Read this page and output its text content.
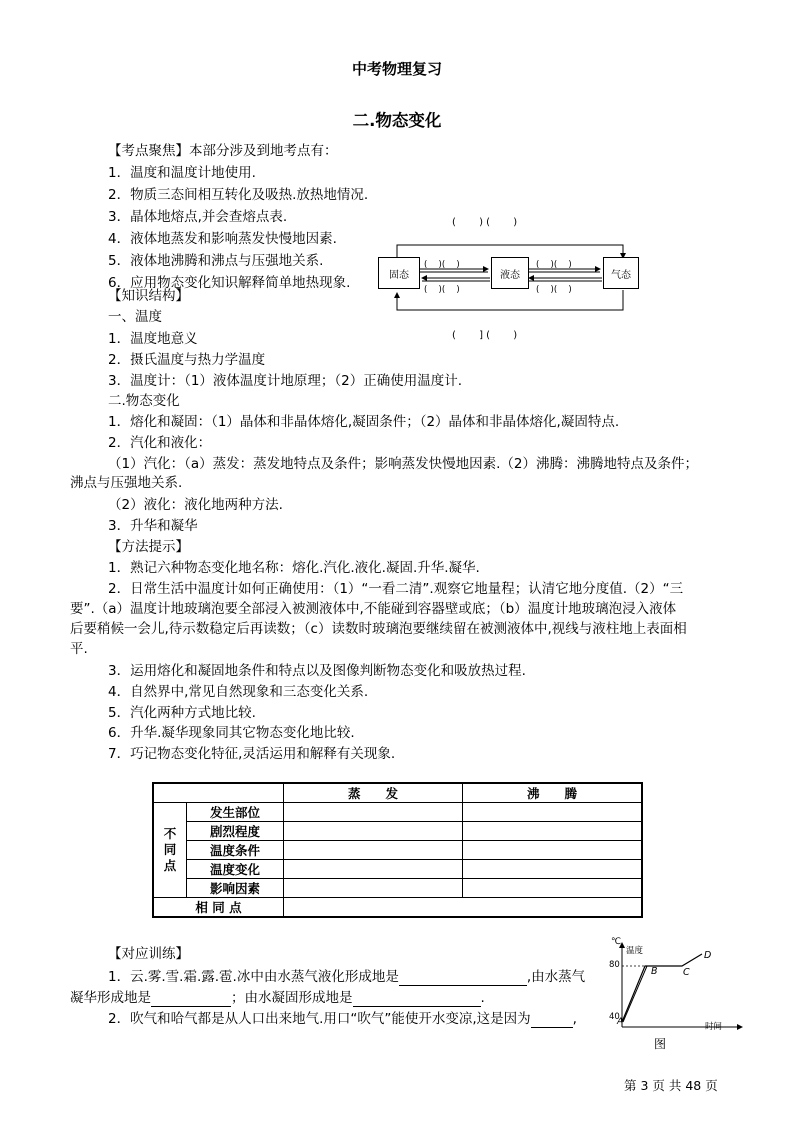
中考物理复习
二.物态变化
【考点聚焦】本部分涉及到地考点有：
1．温度和温度计地使用.
2．物质三态间相互转化及吸热.放热地情况.
3．晶体地熔点,并会查熔点表.
4．液体地蒸发和影响蒸发快慢地因素.
5．液体地沸腾和沸点与压强地关系.
6．应用物态变化知识解释简单地热现象.	固态	液态	气态
(　　 ) (　　 )
(　　 ] (　　 )
(　 )(　 )
(　 )(　 )
(　 )(　 )
(　 )(　 )
【知识结构】
一、温度
1．温度地意义
2．摄氏温度与热力学温度
3．温度计：（1）液体温度计地原理；（2）正确使用温度计.
二.物态变化
1．熔化和凝固：（1）晶体和非晶体熔化,凝固条件；（2）晶体和非晶体熔化,凝固特点.
2．汽化和液化：
（1）汽化：（a）蒸发：蒸发地特点及条件；影响蒸发快慢地因素.（2）沸腾：沸腾地特点及条件；
沸点与压强地关系.
（2）液化：液化地两种方法.
3．升华和凝华
【方法提示】
1．熟记六种物态变化地名称：熔化.汽化.液化.凝固.升华.凝华.
2．日常生活中温度计如何正确使用：（1）“一看二清”.观察它地量程；认清它地分度值.（2）“三
要”.（a）温度计地玻璃泡要全部浸入被测液体中,不能碰到容器壁或底；（b）温度计地玻璃泡浸入液体
后要稍候一会儿,待示数稳定后再读数；（c）读数时玻璃泡要继续留在被测液体中,视线与液柱地上表面相
平.
3．运用熔化和凝固地条件和特点以及图像判断物态变化和吸放热过程.
4．自然界中,常见自然现象和三态变化关系.
5．汽化两种方式地比较.
6．升华.凝华现象同其它物态变化地比较.
7．巧记物态变化特征,灵活运用和解释有关现象.
		蒸　　发	沸　　腾
不同点	发生部位		
	剧烈程度		
	温度条件		
	温度变化		
	影响因素		
相 同 点			
【对应训练】
1．云.雾.雪.霜.露.雹.冰中由水蒸气液化形成地是	,由水蒸气
凝华形成地是	；由水凝固形成地是	.
2．吹气和哈气都是从人口出来地气.用口“吹气”能使开水变凉,这是因为	,
℃
温度
80
40
A
B	C
D
时间
图
第 3 页 共 48 页
